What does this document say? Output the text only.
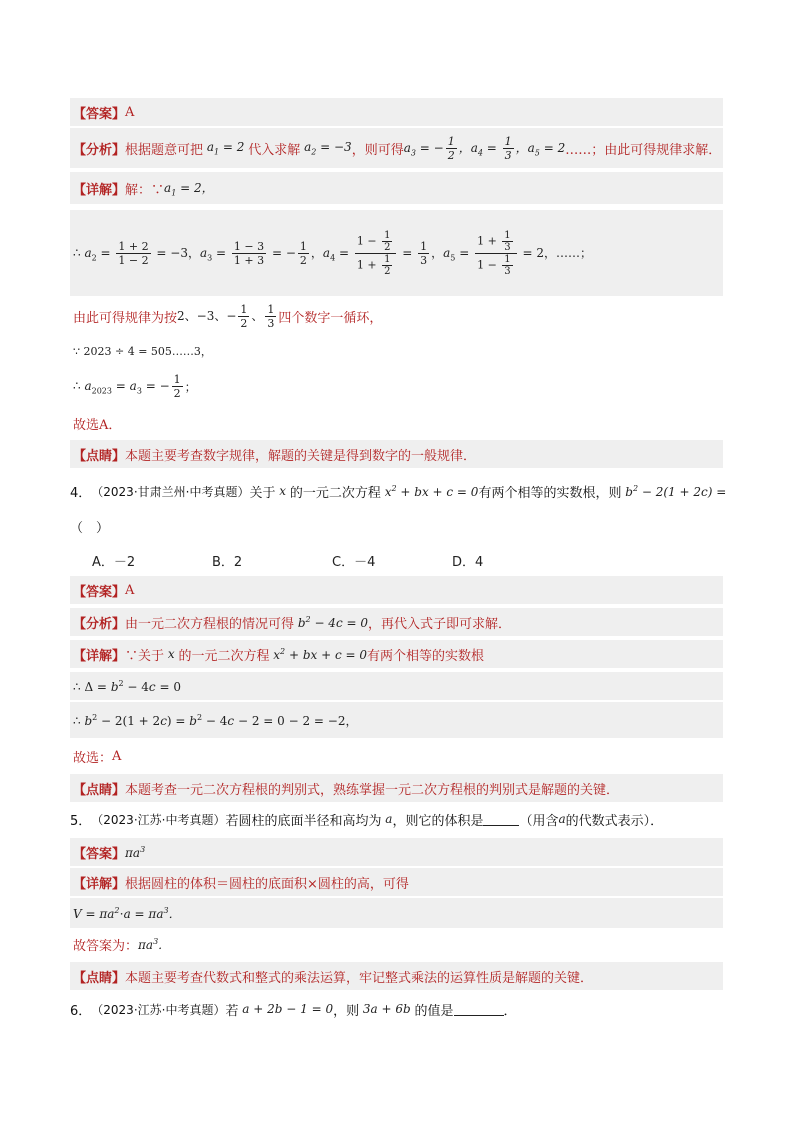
【答案】 A
【分析】 根据题意可把 $a_1 = 2$ 代入求解 $a_2 = -3$ ，则可得 $a_3$ = − $\frac{1}{2}$ ，$a_4 = \frac{1}{3}$ ，$a_5 = 2$ ……；由此可得规律求解．
【详解】 解：∵ $a_1 = 2$，
∴ $a_2 = \frac{1 + 2}{1 - 2} = -3$，$a_3 = \frac{1 - 3}{1 + 3}$ = − $\frac{1}{2}$ ，$a_4 = \frac{1 - \frac{1}{2}}{1 + \frac{1}{2}} = \frac{1}{3}$ ，$a_5 = \frac{1 + \frac{1}{3}}{1 - \frac{1}{3}} = 2$，……；
由此可得规律为按 2、−3、− $\frac{1}{2}$ 、 $\frac{1}{3}$ 四个数字一循环，
∵ 2023 ÷ 4 = 505……3，
∴ $a_{2023} = a_3$ = − $\frac{1}{2}$ ；
故选A．
【点睛】 本题主要考查数字规律，解题的关键是得到数字的一般规律．
4． （2023·甘肃兰州·中考真题） 关于 x 的一元二次方程 $x^2$ + bx + c = 0 有两个相等的实数根，则 $b^2 - 2(1 + 2c)$ =
（　）
A．－2	B．2	C．－4	D．4
【答案】 A
【分析】 由一元二次方程根的情况可得 $b^2 - 4c = 0$ ，再代入式子即可求解．
【详解】 ∵关于 x 的一元二次方程 $x^2$ + bx + c = 0 有两个相等的实数根
∴ $\Delta = b^2 - 4c = 0$
∴ $b^2 - 2(1 + 2c) = b^2 - 4c - 2 = 0 - 2 = -2$，
故选： A
【点睛】 本题考查一元二次方程根的判别式，熟练掌握一元二次方程根的判别式是解题的关键．
5． （2023·江苏·中考真题） 若圆柱的底面半径和高均为 a ，则它的体积是	（用含 a 的代数式表示）．
【答案】 $\pi a^3$
【详解】 根据圆柱的体积＝圆柱的底面积×圆柱的高，可得
$V = \pi a^2\cdot a = \pi a^3$．
故答案为： $\pi a^3$．
【点睛】 本题主要考查代数式和整式的乘法运算，牢记整式乘法的运算性质是解题的关键．
6． （2023·江苏·中考真题） 若 a + 2b − 1 = 0 ，则 3a + 6b 的值是	．
